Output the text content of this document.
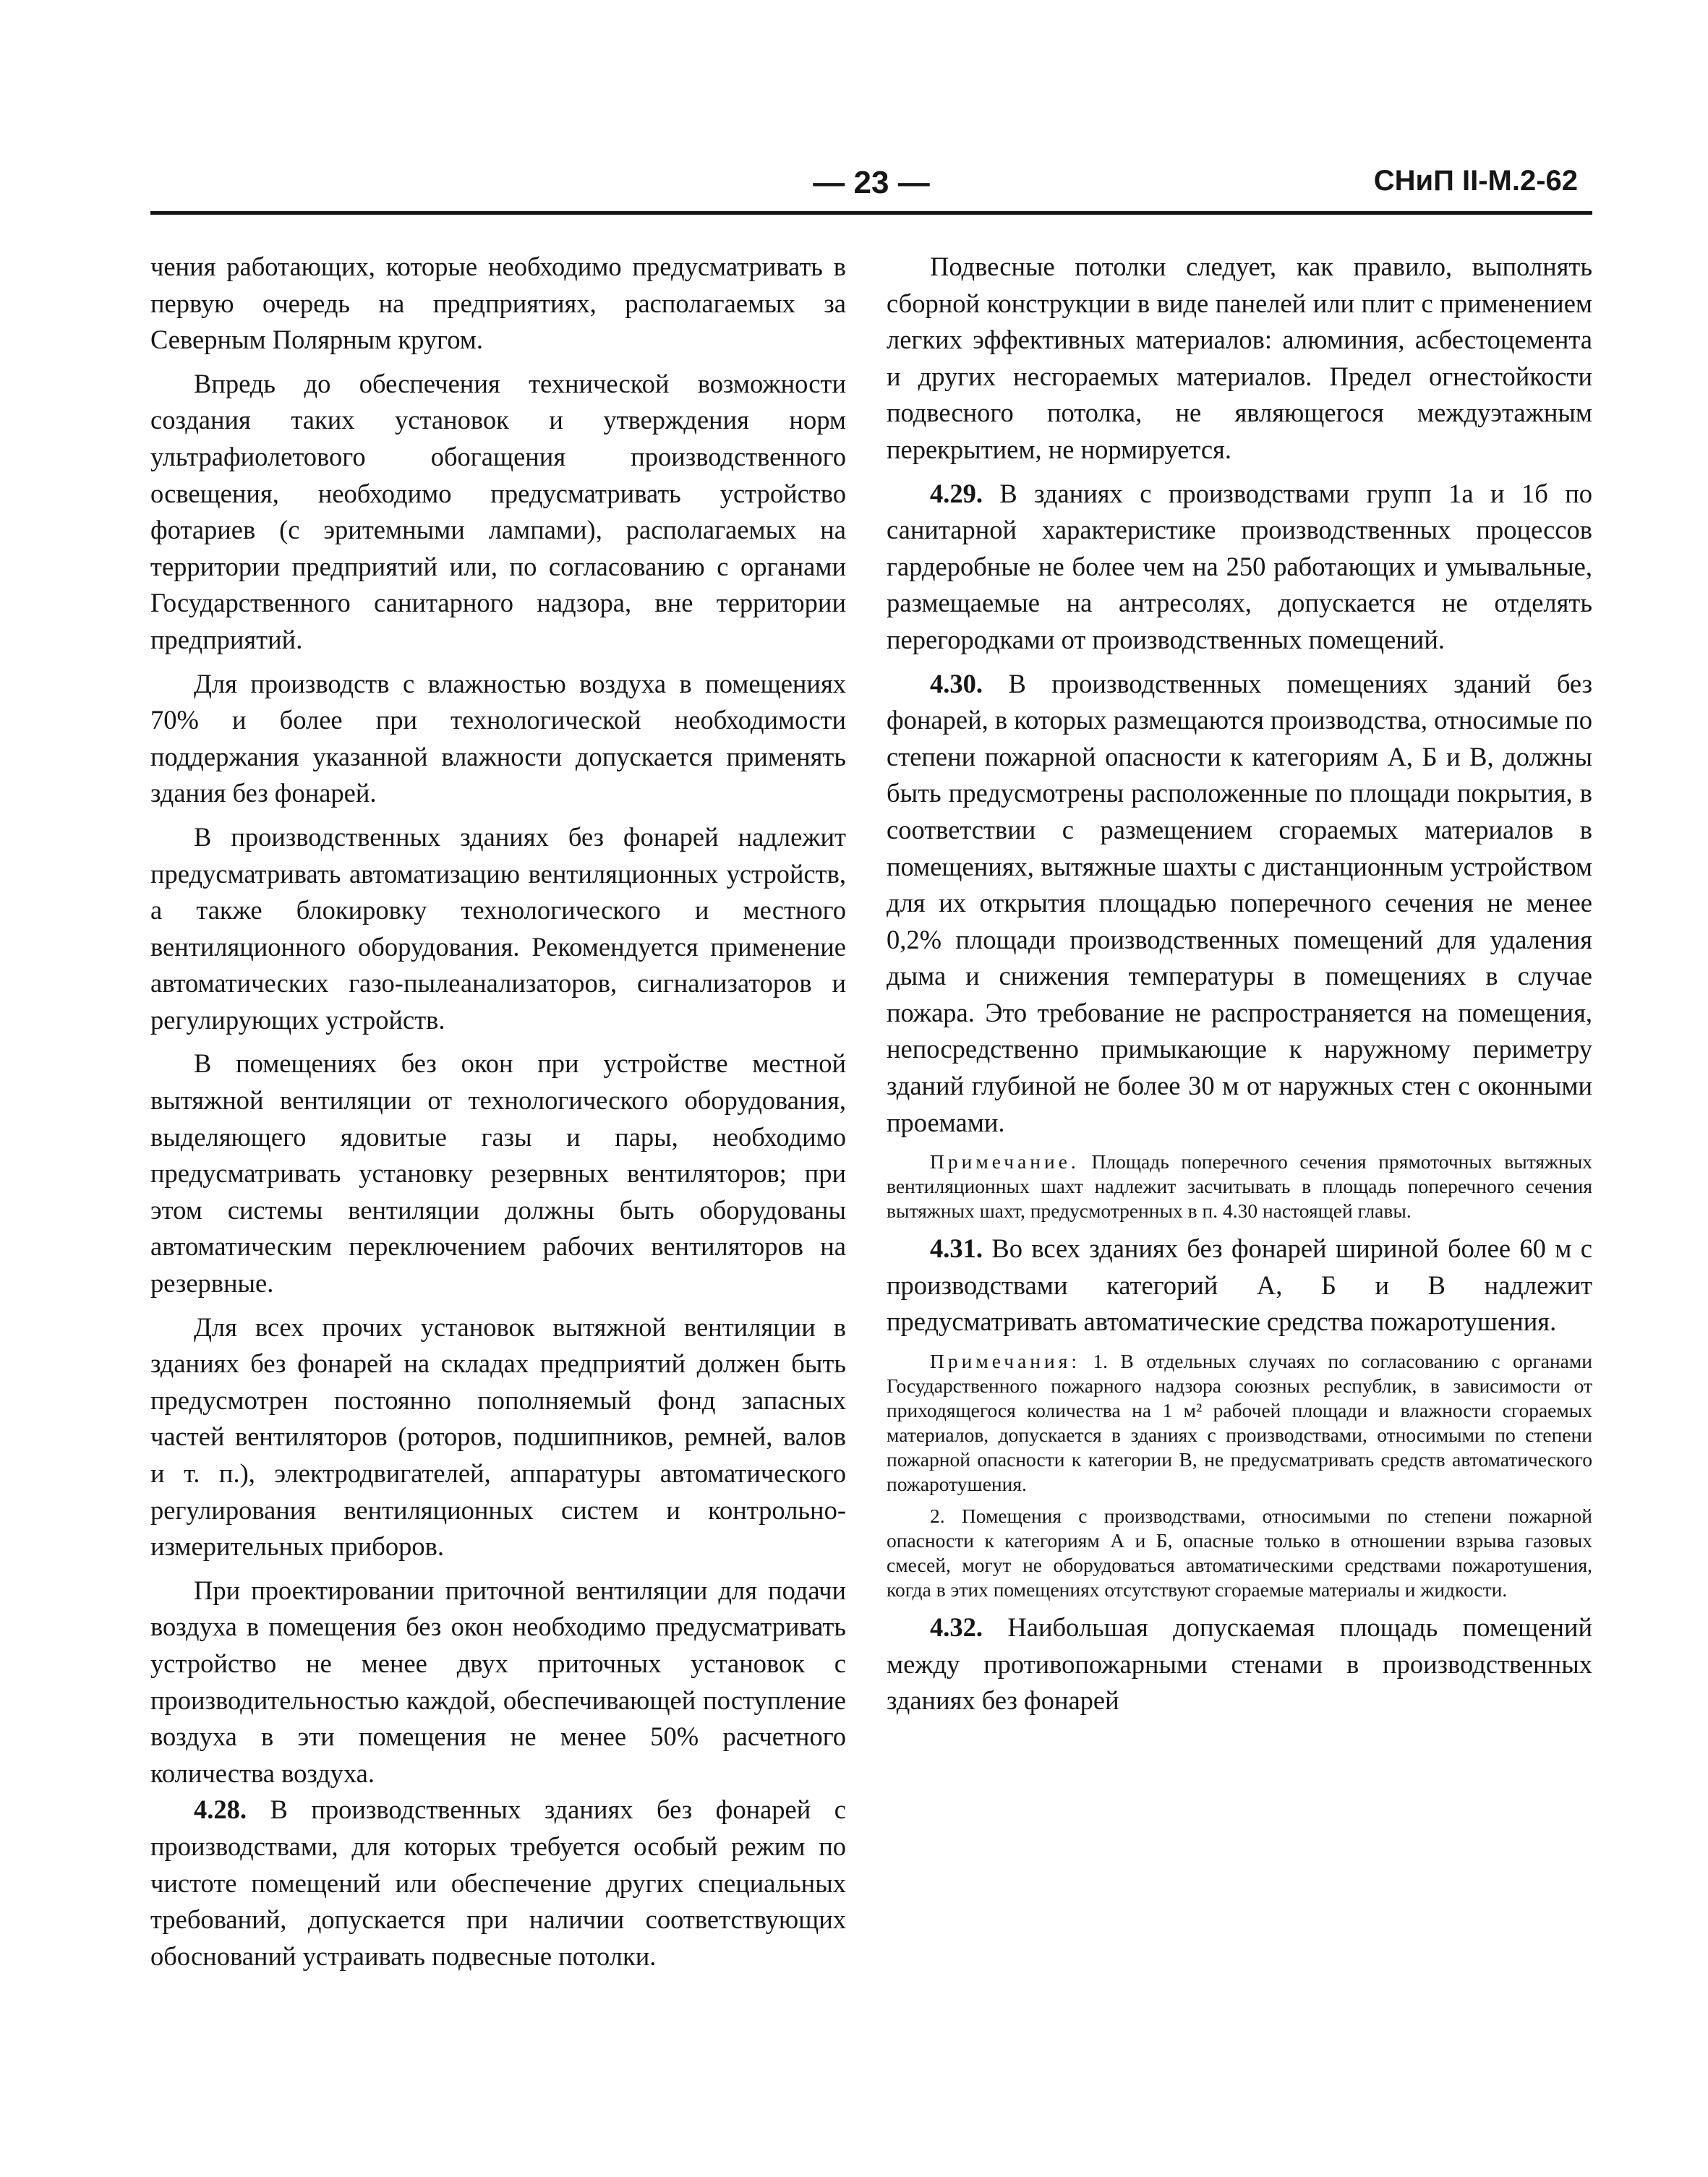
— 23 —	СНиП II-М.2-62

чения работающих, которые необходимо предусматривать в первую очередь на предприятиях, располагаемых за Северным Полярным кругом.

Впредь до обеспечения технической возможности создания таких установок и утверждения норм ультрафиолетового обогащения производственного освещения, необходимо предусматривать устройство фотариев (с эритемными лампами), располагаемых на территории предприятий или, по согласованию с органами Государственного санитарного надзора, вне территории предприятий.

Для производств с влажностью воздуха в помещениях 70% и более при технологической необходимости поддержания указанной влажности допускается применять здания без фонарей.

В производственных зданиях без фонарей надлежит предусматривать автоматизацию вентиляционных устройств, а также блокировку технологического и местного вентиляционного оборудования. Рекомендуется применение автоматических газо-пылеанализаторов, сигнализаторов и регулирующих устройств.

В помещениях без окон при устройстве местной вытяжной вентиляции от технологического оборудования, выделяющего ядовитые газы и пары, необходимо предусматривать установку резервных вентиляторов; при этом системы вентиляции должны быть оборудованы автоматическим переключением рабочих вентиляторов на резервные.

Для всех прочих установок вытяжной вентиляции в зданиях без фонарей на складах предприятий должен быть предусмотрен постоянно пополняемый фонд запасных частей вентиляторов (роторов, подшипников, ремней, валов и т. п.), электродвигателей, аппаратуры автоматического регулирования вентиляционных систем и контрольно-измерительных приборов.

При проектировании приточной вентиляции для подачи воздуха в помещения без окон необходимо предусматривать устройство не менее двух приточных установок с производительностью каждой, обеспечивающей поступление воздуха в эти помещения не менее 50% расчетного количества воздуха.

4.28. В производственных зданиях без фонарей с производствами, для которых требуется особый режим по чистоте помещений или обеспечение других специальных требований, допускается при наличии соответствующих обоснований устраивать подвесные потолки.

Подвесные потолки следует, как правило, выполнять сборной конструкции в виде панелей или плит с применением легких эффективных материалов: алюминия, асбестоцемента и других несгораемых материалов. Предел огнестойкости подвесного потолка, не являющегося междуэтажным перекрытием, не нормируется.

4.29. В зданиях с производствами групп 1а и 1б по санитарной характеристике производственных процессов гардеробные не более чем на 250 работающих и умывальные, размещаемые на антресолях, допускается не отделять перегородками от производственных помещений.

4.30. В производственных помещениях зданий без фонарей, в которых размещаются производства, относимые по степени пожарной опасности к категориям А, Б и В, должны быть предусмотрены расположенные по площади покрытия, в соответствии с размещением сгораемых материалов в помещениях, вытяжные шахты с дистанционным устройством для их открытия площадью поперечного сечения не менее 0,2% площади производственных помещений для удаления дыма и снижения температуры в помещениях в случае пожара. Это требование не распространяется на помещения, непосредственно примыкающие к наружному периметру зданий глубиной не более 30 м от наружных стен с оконными проемами.

Примечание. Площадь поперечного сечения прямоточных вытяжных вентиляционных шахт надлежит засчитывать в площадь поперечного сечения вытяжных шахт, предусмотренных в п. 4.30 настоящей главы.

4.31. Во всех зданиях без фонарей шириной более 60 м с производствами категорий А, Б и В надлежит предусматривать автоматические средства пожаротушения.

Примечания: 1. В отдельных случаях по согласованию с органами Государственного пожарного надзора союзных республик, в зависимости от приходящегося количества на 1 м² рабочей площади и влажности сгораемых материалов, допускается в зданиях с производствами, относимыми по степени пожарной опасности к категории В, не предусматривать средств автоматического пожаротушения.
2. Помещения с производствами, относимыми по степени пожарной опасности к категориям А и Б, опасные только в отношении взрыва газовых смесей, могут не оборудоваться автоматическими средствами пожаротушения, когда в этих помещениях отсутствуют сгораемые материалы и жидкости.

4.32. Наибольшая допускаемая площадь помещений между противопожарными стенами в производственных зданиях без фонарей
